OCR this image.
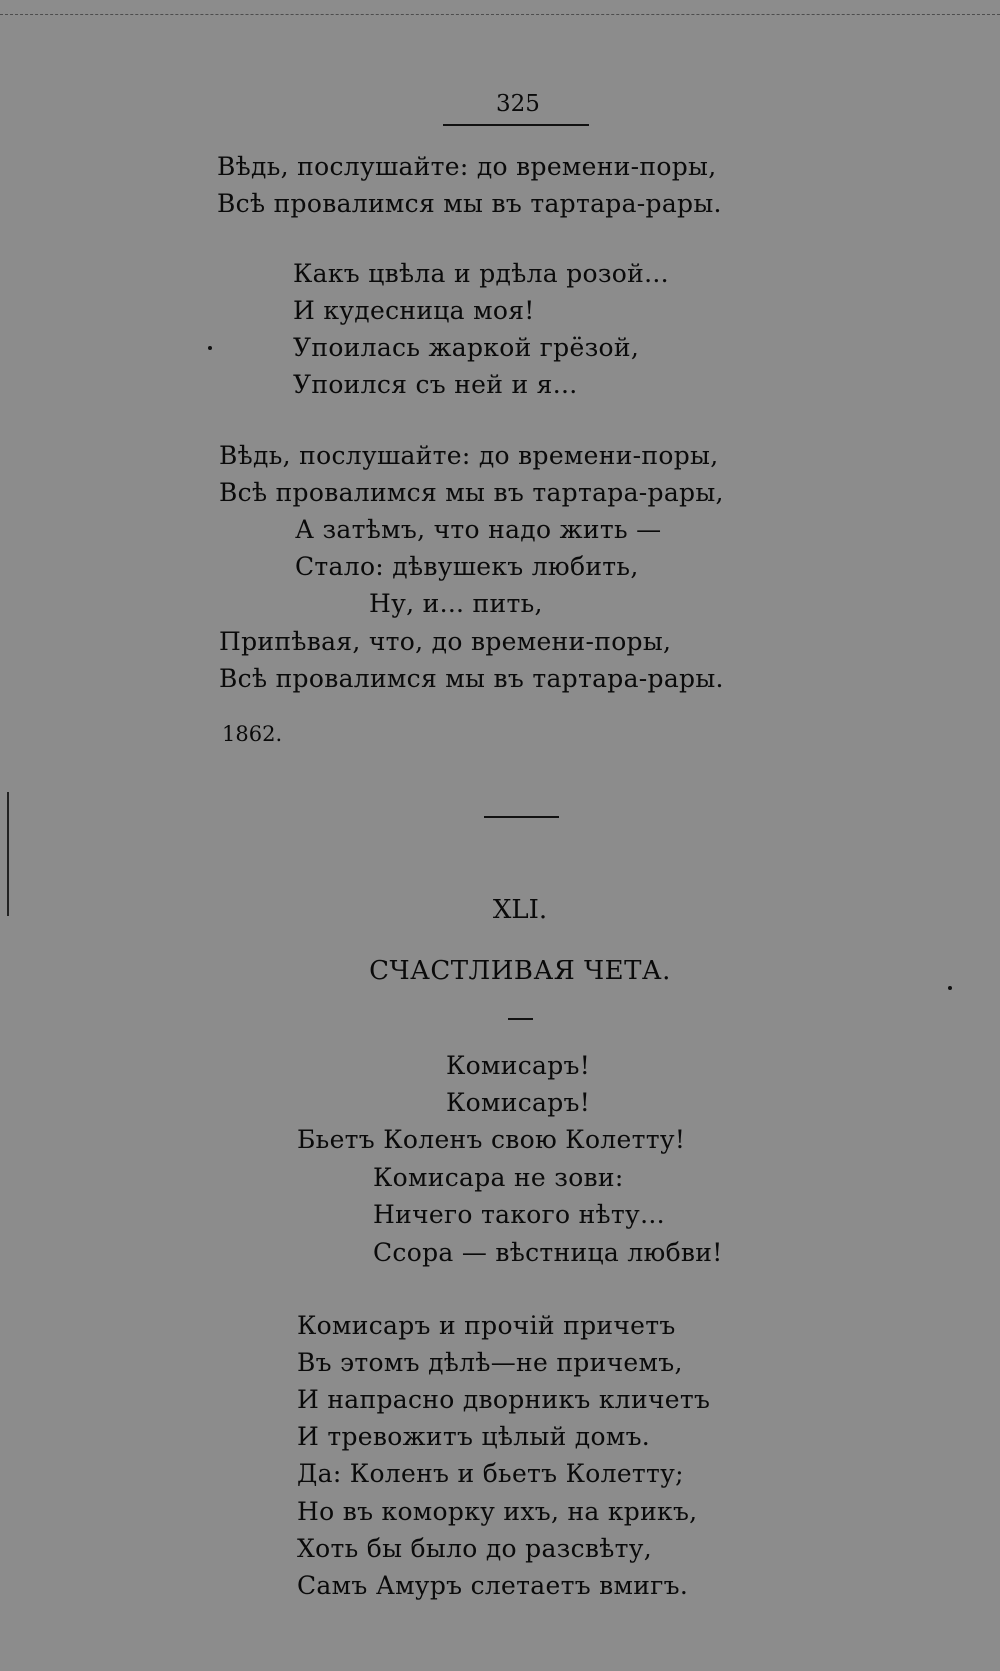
325
Вѣдь, послушайте: до времени-поры,
Всѣ провалимся мы въ тартара-рары.
Какъ цвѣла и рдѣла розой...
И кудесница моя!
Упоилась жаркой грёзой,
Упоился съ ней и я...
Вѣдь, послушайте: до времени-поры,
Всѣ провалимся мы въ тартара-рары,
А затѣмъ, что надо жить —
Стало: дѣвушекъ любить,
Ну, и... пить,
Припѣвая, что, до времени-поры,
Всѣ провалимся мы въ тартара-рары.
1862.
XLI.
СЧАСТЛИВАЯ ЧЕТА.
Комисаръ!
Комисаръ!
Бьетъ Коленъ свою Колетту!
Комисара не зови:
Ничего такого нѣту...
Ссора — вѣстница любви!
Комисаръ и прочій причетъ
Въ этомъ дѣлѣ—не причемъ,
И напрасно дворникъ кличетъ
И тревожитъ цѣлый домъ.
Да: Коленъ и бьетъ Колетту;
Но въ коморку ихъ, на крикъ,
Хоть бы было до разсвѣту,
Самъ Амуръ слетаетъ вмигъ.
